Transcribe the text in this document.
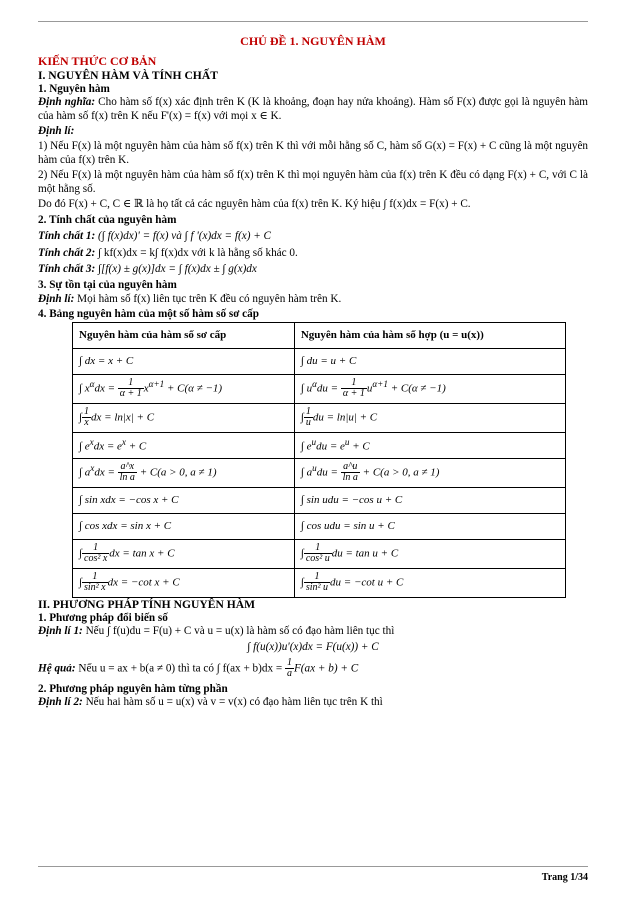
CHỦ ĐỀ 1. NGUYÊN HÀM
KIẾN THỨC CƠ BẢN
I. NGUYÊN HÀM VÀ TÍNH CHẤT
1. Nguyên hàm

Định nghĩa: Cho hàm số f(x) xác định trên K (K là khoảng, đoạn hay nửa khoảng). Hàm số F(x) được gọi là nguyên hàm của hàm số f(x) trên K nếu F'(x) = f(x) với mọi x ∈ K.

Định lí:

1) Nếu F(x) là một nguyên hàm của hàm số f(x) trên K thì với mỗi hằng số C, hàm số G(x) = F(x) + C cũng là một nguyên hàm của f(x) trên K.

2) Nếu F(x) là một nguyên hàm của hàm số f(x) trên K thì mọi nguyên hàm của f(x) trên K đều có dạng F(x) + C, với C là một hằng số.

Do đó F(x) + C, C ∈ ℝ là họ tất cả các nguyên hàm của f(x) trên K. Ký hiệu ∫ f(x)dx = F(x) + C.

2. Tính chất của nguyên hàm

Tính chất 1: (∫ f(x)dx)' = f(x) và ∫ f '(x)dx = f(x) + C

Tính chất 2: ∫ kf(x)dx = k∫ f(x)dx với k là hằng số khác 0.

Tính chất 3: ∫[f(x) ± g(x)]dx = ∫ f(x)dx ± ∫ g(x)dx

3. Sự tồn tại của nguyên hàm

Định lí: Mọi hàm số f(x) liên tục trên K đều có nguyên hàm trên K.

4. Bảng nguyên hàm của một số hàm số sơ cấp
Nguyên hàm của hàm số sơ cấp	Nguyên hàm của hàm số hợp (u = u(x))
∫ dx = x + C	∫ du = u + C
∫ $x^\alpha dx = \frac{1}{\alpha + 1} x^{\alpha+1} + C(\alpha \ne -1)$	∫ $u^\alpha du = \frac{1}{\alpha + 1} u^{\alpha+1} + C(\alpha \ne -1)$
∫ $\frac{1}{x}$ dx = ln|x| + C	∫ $\frac{1}{u}$ du = ln|u| + C
∫ $e^xdx = e^x + C$	∫ $e^udu = e^u + C$
∫ $a^xdx = \frac{a\^{}x}{\text{ln a}} + C(a > 0$, a ≠ 1)	∫ $a^udu = \frac{a\^{}u}{\text{ln a}} + C(a > 0$, a ≠ 1)
∫ sin xdx = −cos x + C	∫ sin udu = −cos u + C
∫ cos xdx = sin x + C	∫ cos udu = sin u + C
∫ $\frac{1}{\text{cos² x}}$ dx = tan x + C	∫ $\frac{1}{\text{cos² u}}$ du = tan u + C
∫ $\frac{1}{\text{sin² x}}$ dx = −cot x + C	∫ $\frac{1}{\text{sin² u}}$ du = −cot u + C
II. PHƯƠNG PHÁP TÍNH NGUYÊN HÀM
1. Phương pháp đổi biến số

Định lí 1: Nếu ∫ f(u)du = F(u) + C và u = u(x) là hàm số có đạo hàm liên tục thì

∫ f(u(x))u'(x)dx = F(u(x)) + C

Hệ quả: Nếu u = ax + b(a ≠ 0) thì ta có ∫ $f(ax + b)dx = \frac{1}{a} F(ax + b) + C$

2. Phương pháp nguyên hàm từng phần

Định lí 2: Nếu hai hàm số u = u(x) và v = v(x) có đạo hàm liên tục trên K thì

Trang 1/34
